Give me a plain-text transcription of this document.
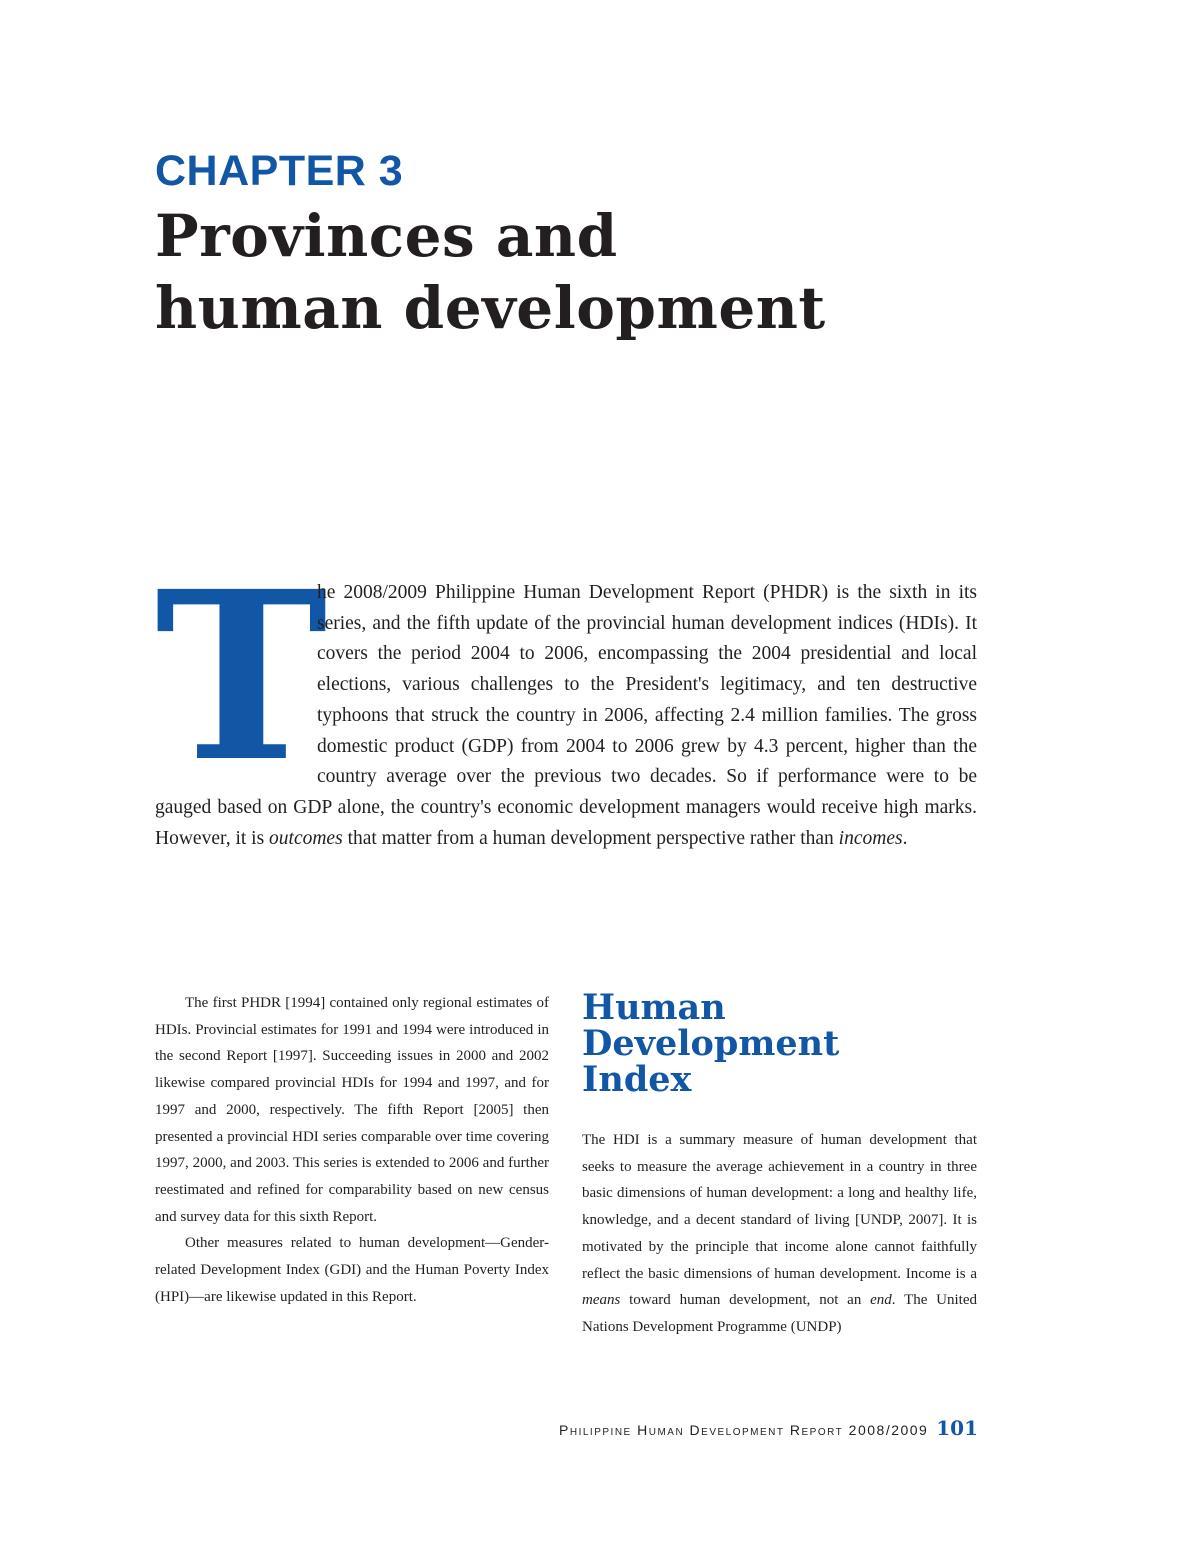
CHAPTER 3
Provinces and
human development
T
he 2008/2009 Philippine Human Development Report (PHDR) is the sixth in its series, and the fifth update of the provincial human development indices (HDIs). It covers the period 2004 to 2006, encompassing the 2004 presidential and local elections, various challenges to the President's legitimacy, and ten destructive typhoons that struck the country in 2006, affecting 2.4 million families. The gross domestic product (GDP) from 2004 to 2006 grew by 4.3 percent, higher than the country average over the previous two decades. So if performance were to be gauged based on GDP alone, the country's economic development managers would receive high marks. However, it is outcomes that matter from a human development perspective rather than incomes.

The first PHDR [1994] contained only regional estimates of HDIs. Provincial estimates for 1991 and 1994 were introduced in the second Report [1997]. Succeeding issues in 2000 and 2002 likewise compared provincial HDIs for 1994 and 1997, and for 1997 and 2000, respectively. The fifth Report [2005] then presented a provincial HDI series comparable over time covering 1997, 2000, and 2003. This series is extended to 2006 and further reestimated and refined for comparability based on new census and survey data for this sixth Report.

Other measures related to human development—Gender-related Development Index (GDI) and the Human Poverty Index (HPI)—are likewise updated in this Report.

Human
Development
Index

The HDI is a summary measure of human development that seeks to measure the average achievement in a country in three basic dimensions of human development: a long and healthy life, knowledge, and a decent standard of living [UNDP, 2007]. It is motivated by the principle that income alone cannot faithfully reflect the basic dimensions of human development. Income is a means toward human development, not an end. The United Nations Development Programme (UNDP)

Philippine Human Development Report 2008/2009 101
